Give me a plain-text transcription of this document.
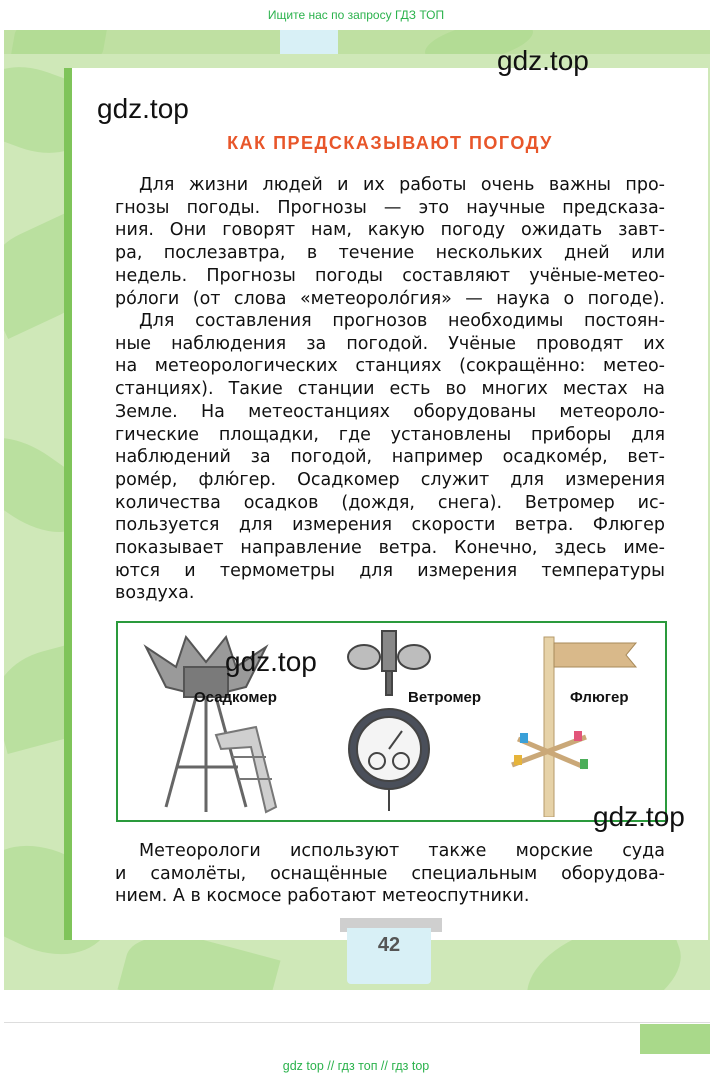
Ищите нас по запросу ГДЗ ТОП
gdz.top
gdz.top
КАК ПРЕДСКАЗЫВАЮТ ПОГОДУ
Для жизни людей и их работы очень важны про-
гнозы погоды. Прогнозы — это научные предсказа-
ния. Они говорят нам, какую погоду ожидать завт-
ра, послезавтра, в течение нескольких дней или
недель. Прогнозы погоды составляют учёные-метео-
ро́логи (от слова «метеороло́гия» — наука о погоде).
Для составления прогнозов необходимы постоян-
ные наблюдения за погодой. Учёные проводят их
на метеорологических станциях (сокращённо: метео-
станциях). Такие станции есть во многих местах на
Земле. На метеостанциях оборудованы метеороло-
гические площадки, где установлены приборы для
наблюдений за погодой, например осадкоме́р, вет-
роме́р, флю́гер. Осадкомер служит для измерения
количества осадков (дождя, снега). Ветромер ис-
пользуется для измерения скорости ветра. Флюгер
показывает направление ветра. Конечно, здесь име-
ются и термометры для измерения температуры
воздуха.
Осадкомер	Ветромер	Флюгер
gdz.top
gdz.top
Метеорологи используют также морские суда
и самолёты, оснащённые специальным оборудова-
нием. А в космосе работают метеоспутники.
42
gdz top // гдз топ // гдз top
